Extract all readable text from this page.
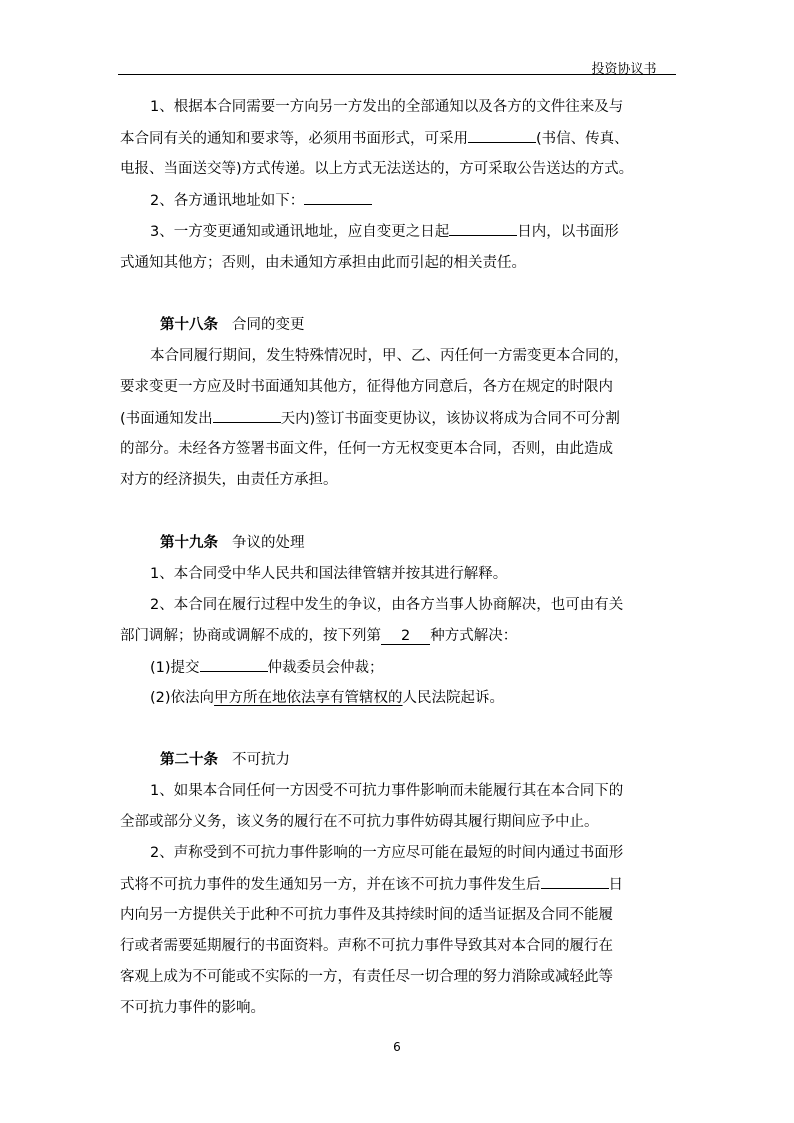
投资协议书
1、根据本合同需要一方向另一方发出的全部通知以及各方的文件往来及与
本合同有关的通知和要求等，必须用书面形式，可采用	(书信、传真、
电报、当面送交等)方式传递。以上方式无法送达的，方可采取公告送达的方式。
2、各方通讯地址如下：
3、一方变更通知或通讯地址，应自变更之日起	日内，以书面形
式通知其他方；否则，由未通知方承担由此而引起的相关责任。
第十八条 合同的变更
本合同履行期间，发生特殊情况时，甲、乙、丙任何一方需变更本合同的，
要求变更一方应及时书面通知其他方，征得他方同意后，各方在规定的时限内
(书面通知发出	天内)签订书面变更协议，该协议将成为合同不可分割
的部分。未经各方签署书面文件，任何一方无权变更本合同，否则，由此造成
对方的经济损失，由责任方承担。
第十九条 争议的处理
1、本合同受中华人民共和国法律管辖并按其进行解释。
2、本合同在履行过程中发生的争议，由各方当事人协商解决，也可由有关
部门调解；协商或调解不成的，按下列第 2 种方式解决：
(1)提交	仲裁委员会仲裁；
(2)依法向甲方所在地依法享有管辖权的人民法院起诉。
第二十条 不可抗力
1、如果本合同任何一方因受不可抗力事件影响而未能履行其在本合同下的
全部或部分义务，该义务的履行在不可抗力事件妨碍其履行期间应予中止。
2、声称受到不可抗力事件影响的一方应尽可能在最短的时间内通过书面形
式将不可抗力事件的发生通知另一方，并在该不可抗力事件发生后	日
内向另一方提供关于此种不可抗力事件及其持续时间的适当证据及合同不能履
行或者需要延期履行的书面资料。声称不可抗力事件导致其对本合同的履行在
客观上成为不可能或不实际的一方，有责任尽一切合理的努力消除或减轻此等
不可抗力事件的影响。
6
